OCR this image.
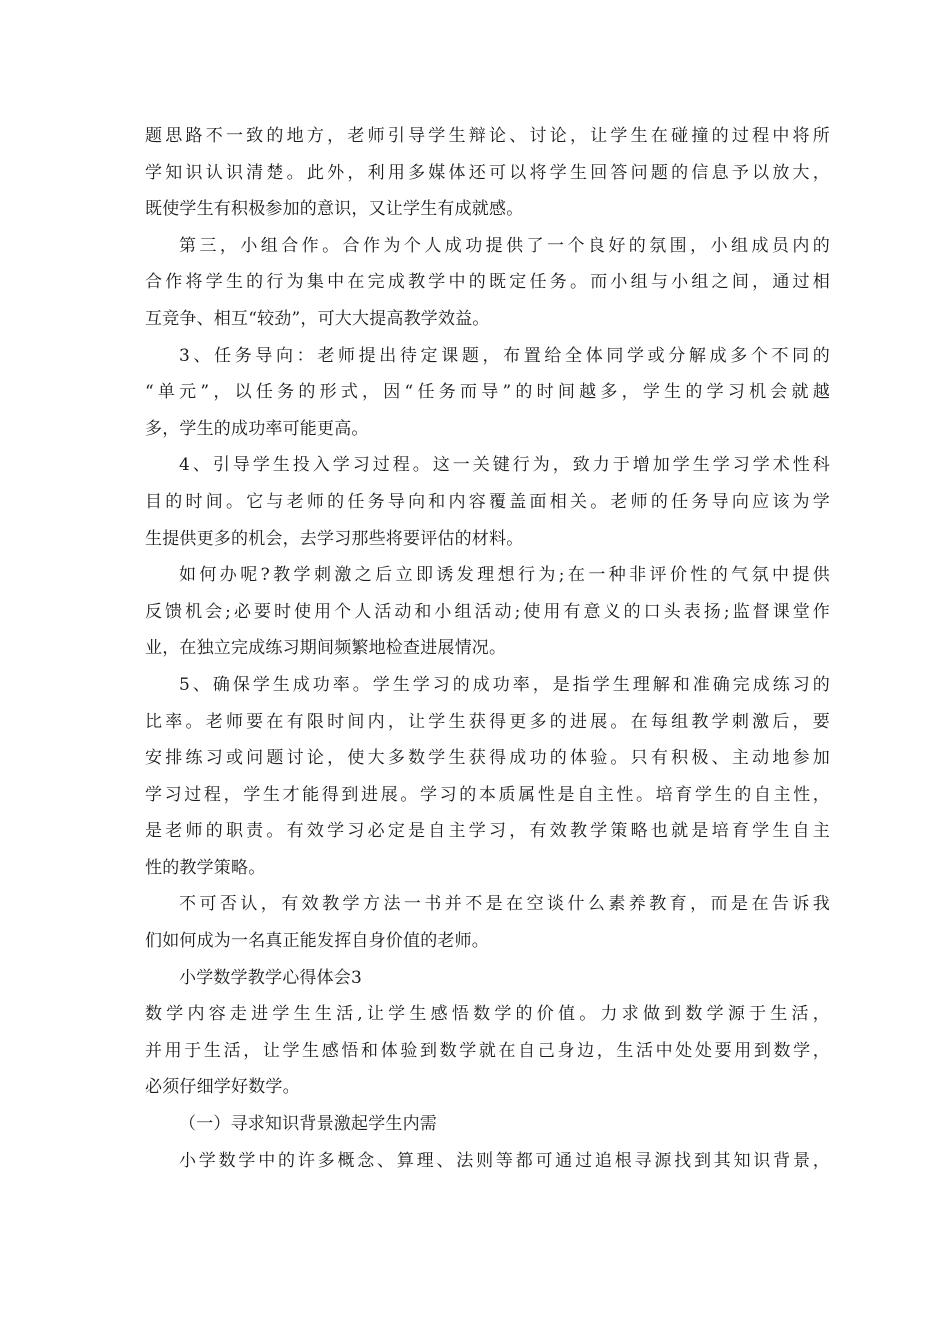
题思路不一致的地方，老师引导学生辩论、讨论，让学生在碰撞的过程中将所
学知识认识清楚。此外，利用多媒体还可以将学生回答问题的信息予以放大，
既使学生有积极参加的意识，又让学生有成就感。
第三，小组合作。合作为个人成功提供了一个良好的氛围，小组成员内的
合作将学生的行为集中在完成教学中的既定任务。而小组与小组之间，通过相
互竞争、相互“较劲”，可大大提高教学效益。
3、任务导向：老师提出待定课题，布置给全体同学或分解成多个不同的
“单元”，以任务的形式，因“任务而导”的时间越多，学生的学习机会就越
多，学生的成功率可能更高。
4、引导学生投入学习过程。这一关键行为，致力于增加学生学习学术性科
目的时间。它与老师的任务导向和内容覆盖面相关。老师的任务导向应该为学
生提供更多的机会，去学习那些将要评估的材料。
如何办呢?教学刺激之后立即诱发理想行为;在一种非评价性的气氛中提供
反馈机会;必要时使用个人活动和小组活动;使用有意义的口头表扬;监督课堂作
业，在独立完成练习期间频繁地检查进展情况。
5、确保学生成功率。学生学习的成功率，是指学生理解和准确完成练习的
比率。老师要在有限时间内，让学生获得更多的进展。在每组教学刺激后，要
安排练习或问题讨论，使大多数学生获得成功的体验。只有积极、主动地参加
学习过程，学生才能得到进展。学习的本质属性是自主性。培育学生的自主性，
是老师的职责。有效学习必定是自主学习，有效教学策略也就是培育学生自主
性的教学策略。
不可否认，有效教学方法一书并不是在空谈什么素养教育，而是在告诉我
们如何成为一名真正能发挥自身价值的老师。
小学数学教学心得体会3
数学内容走进学生生活,让学生感悟数学的价值。力求做到数学源于生活，
并用于生活，让学生感悟和体验到数学就在自己身边，生活中处处要用到数学，
必须仔细学好数学。
（一）寻求知识背景激起学生内需
小学数学中的许多概念、算理、法则等都可通过追根寻源找到其知识背景，
